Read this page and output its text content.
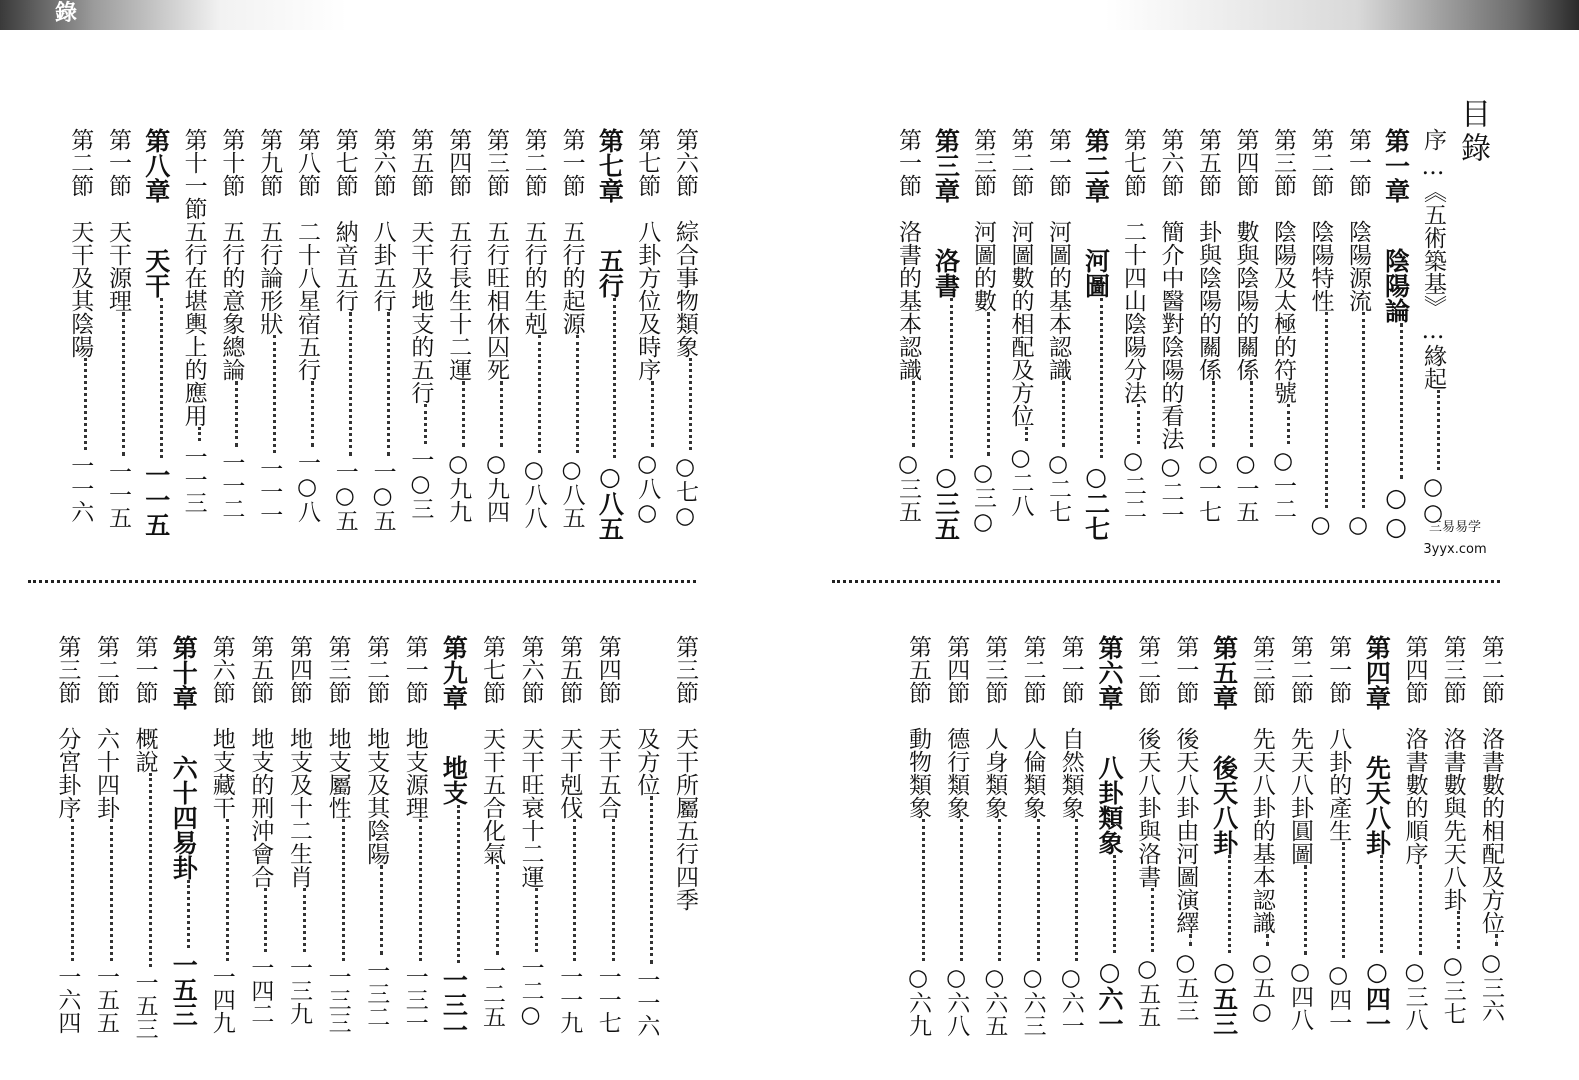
錄
目錄
三易易学
3yyx.com
序…《五術築基》…緣起○○
第一章陰陽論○○
第一節陰陽源流○
第二節陰陽特性○
第三節陰陽及太極的符號○一二
第四節數與陰陽的關係○一五
第五節卦與陰陽的關係○一七
第六節簡介中醫對陰陽的看法○二一
第七節二十四山陰陽分法○二二
第二章河圖○二七
第一節河圖的基本認識○二七
第二節河圖數的相配及方位○二八
第三節河圖的數○三○
第三章洛書○三五
第一節洛書的基本認識○三五
第六節綜合事物類象○七○
第七節八卦方位及時序○八○
第七章五行○八五
第一節五行的起源○八五
第二節五行的生剋○八八
第三節五行旺相休囚死○九四
第四節五行長生十二運○九九
第五節天干及地支的五行一○三
第六節八卦五行一○五
第七節納音五行一○五
第八節二十八星宿五行一○八
第九節五行論形狀一一一
第十節五行的意象總論一一二
第十一節五行在堪輿上的應用一一三
第八章天干一一五
第一節天干源理一一五
第二節天干及其陰陽一一六
第二節洛書數的相配及方位○三六
第三節洛書數與先天八卦○三七
第四節洛書數的順序○三八
第四章先天八卦○四一
第一節八卦的產生○四一
第二節先天八卦圓圖○四八
第三節先天八卦的基本認識○五○
第五章後天八卦○五三
第一節後天八卦由河圖演繹○五三
第二節後天八卦與洛書○五五
第六章八卦類象○六一
第一節自然類象○六一
第二節人倫類象○六三
第三節人身類象○六五
第四節德行類象○六八
第五節動物類象○六九
第三節天干所屬五行四季
及方位一一六
第四節天干五合一一七
第五節天干剋伐一一九
第六節天干旺衰十二運一二○
第七節天干五合化氣一二五
第九章地支一三一
第一節地支源理一三一
第二節地支及其陰陽一三二
第三節地支屬性一三三
第四節地支及十二生肖一三九
第五節地支的刑沖會合一四二
第六節地支藏干一四九
第十章六十四易卦一五三
第一節概說一五三
第二節六十四卦一五五
第三節分宮卦序一六四
